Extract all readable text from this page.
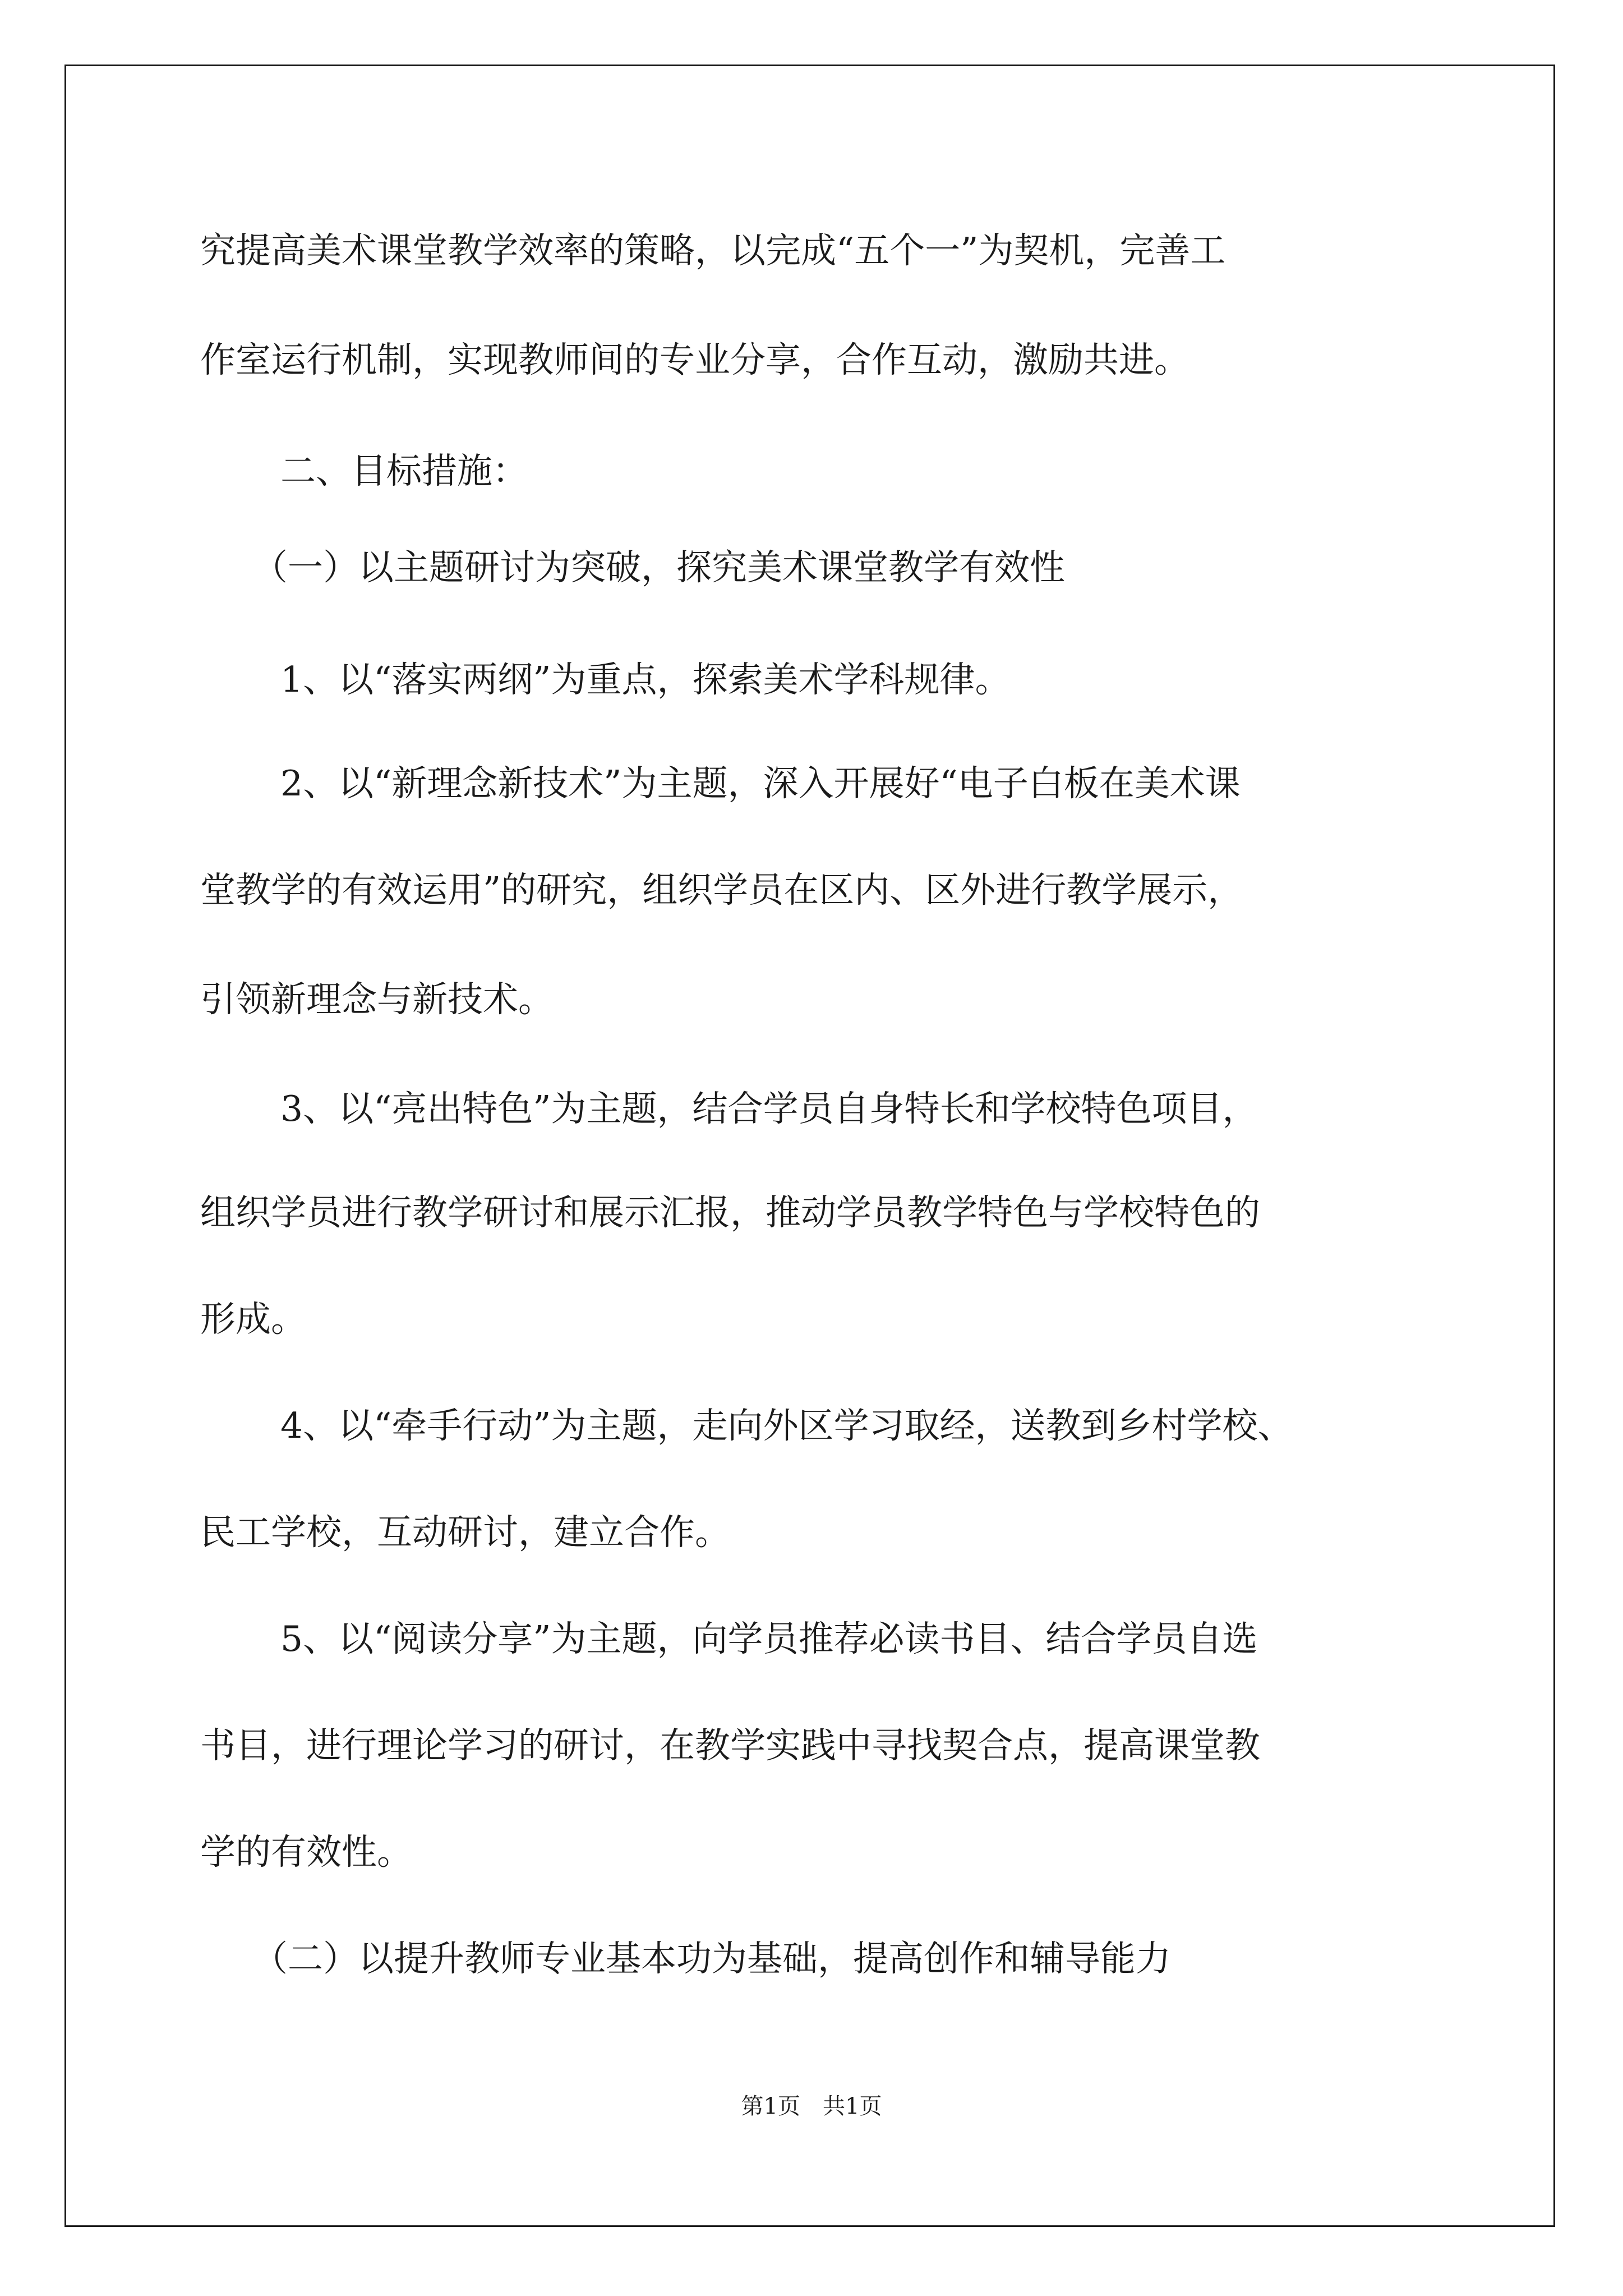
究提高美术课堂教学效率的策略，以完成“五个一”为契机，完善工

作室运行机制，实现教师间的专业分享，合作互动，激励共进。

二、目标措施：

（一）以主题研讨为突破，探究美术课堂教学有效性

1、以“落实两纲”为重点，探索美术学科规律。

2、以“新理念新技术”为主题，深入开展好“电子白板在美术课

堂教学的有效运用”的研究，组织学员在区内、区外进行教学展示，

引领新理念与新技术。

3、以“亮出特色”为主题，结合学员自身特长和学校特色项目，

组织学员进行教学研讨和展示汇报，推动学员教学特色与学校特色的

形成。

4、以“牵手行动”为主题，走向外区学习取经，送教到乡村学校、

民工学校，互动研讨，建立合作。

5、以“阅读分享”为主题，向学员推荐必读书目、结合学员自选

书目，进行理论学习的研讨，在教学实践中寻找契合点，提高课堂教

学的有效性。

（二）以提升教师专业基本功为基础，提高创作和辅导能力

第1页　共1页
